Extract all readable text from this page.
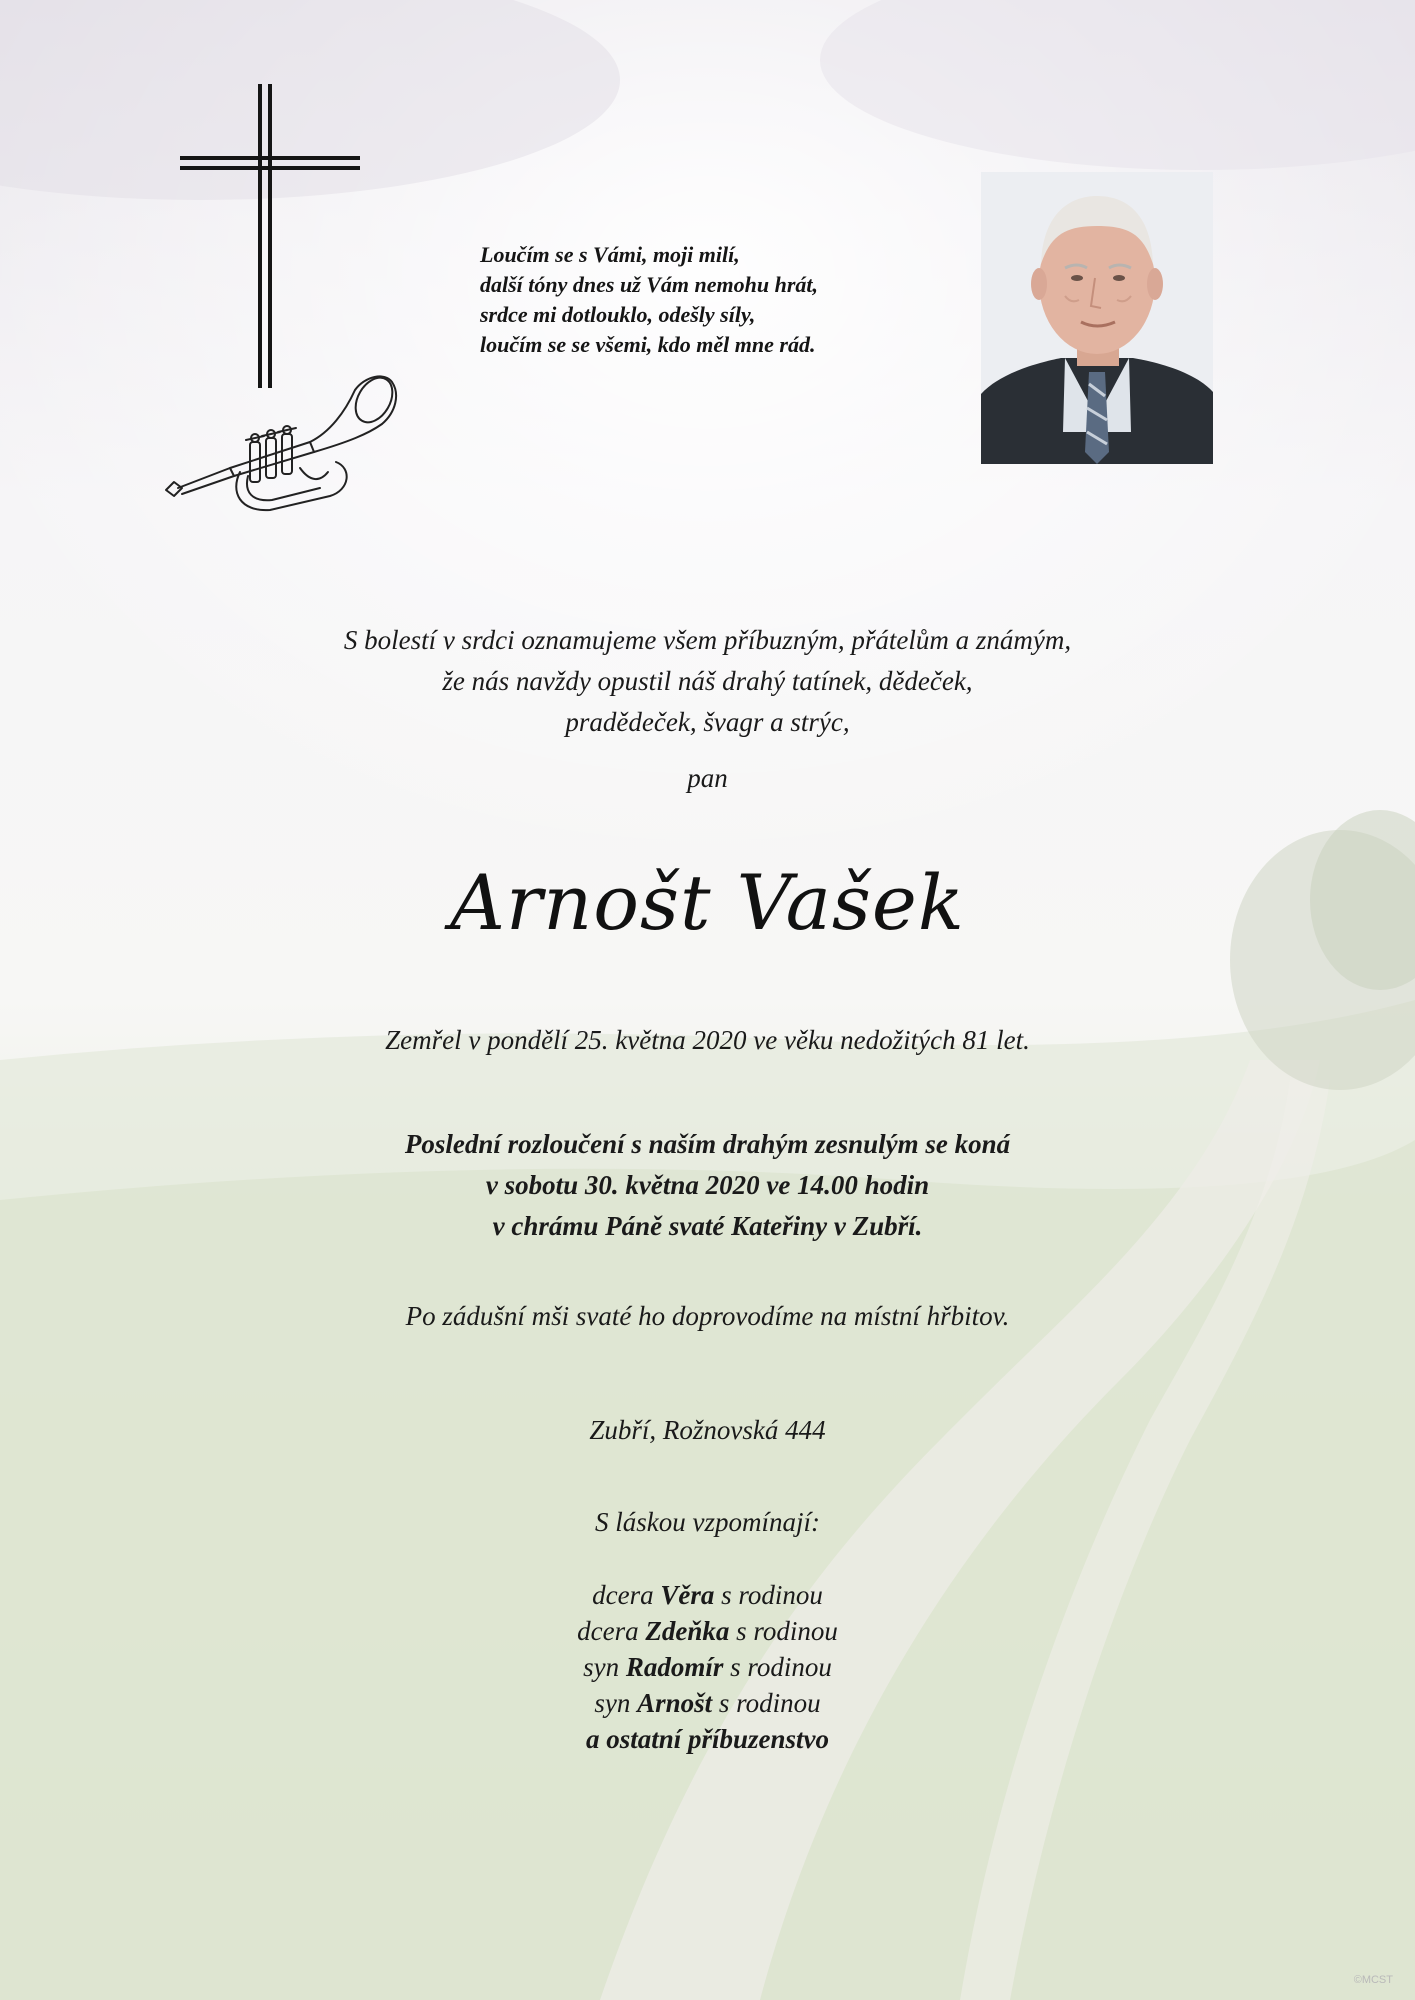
Loučím se s Vámi, moji milí,
další tóny dnes už Vám nemohu hrát,
srdce mi dotlouklo, odešly síly,
loučím se se všemi, kdo měl mne rád.
S bolestí v srdci oznamujeme všem příbuzným, přátelům a známým,
že nás navždy opustil náš drahý tatínek, dědeček,
pradědeček, švagr a strýc,
pan
Arnošt Vašek
Zemřel v pondělí 25. května 2020 ve věku nedožitých 81 let.
Poslední rozloučení s naším drahým zesnulým se koná
v sobotu 30. května 2020 ve 14.00 hodin
v chrámu Páně svaté Kateřiny v Zubří.
Po zádušní mši svaté ho doprovodíme na místní hřbitov.
Zubří, Rožnovská 444
S láskou vzpomínají:
dcera Věra s rodinou
dcera Zdeňka s rodinou
syn Radomír s rodinou
syn Arnošt s rodinou
a ostatní příbuzenstvo
©MCST
